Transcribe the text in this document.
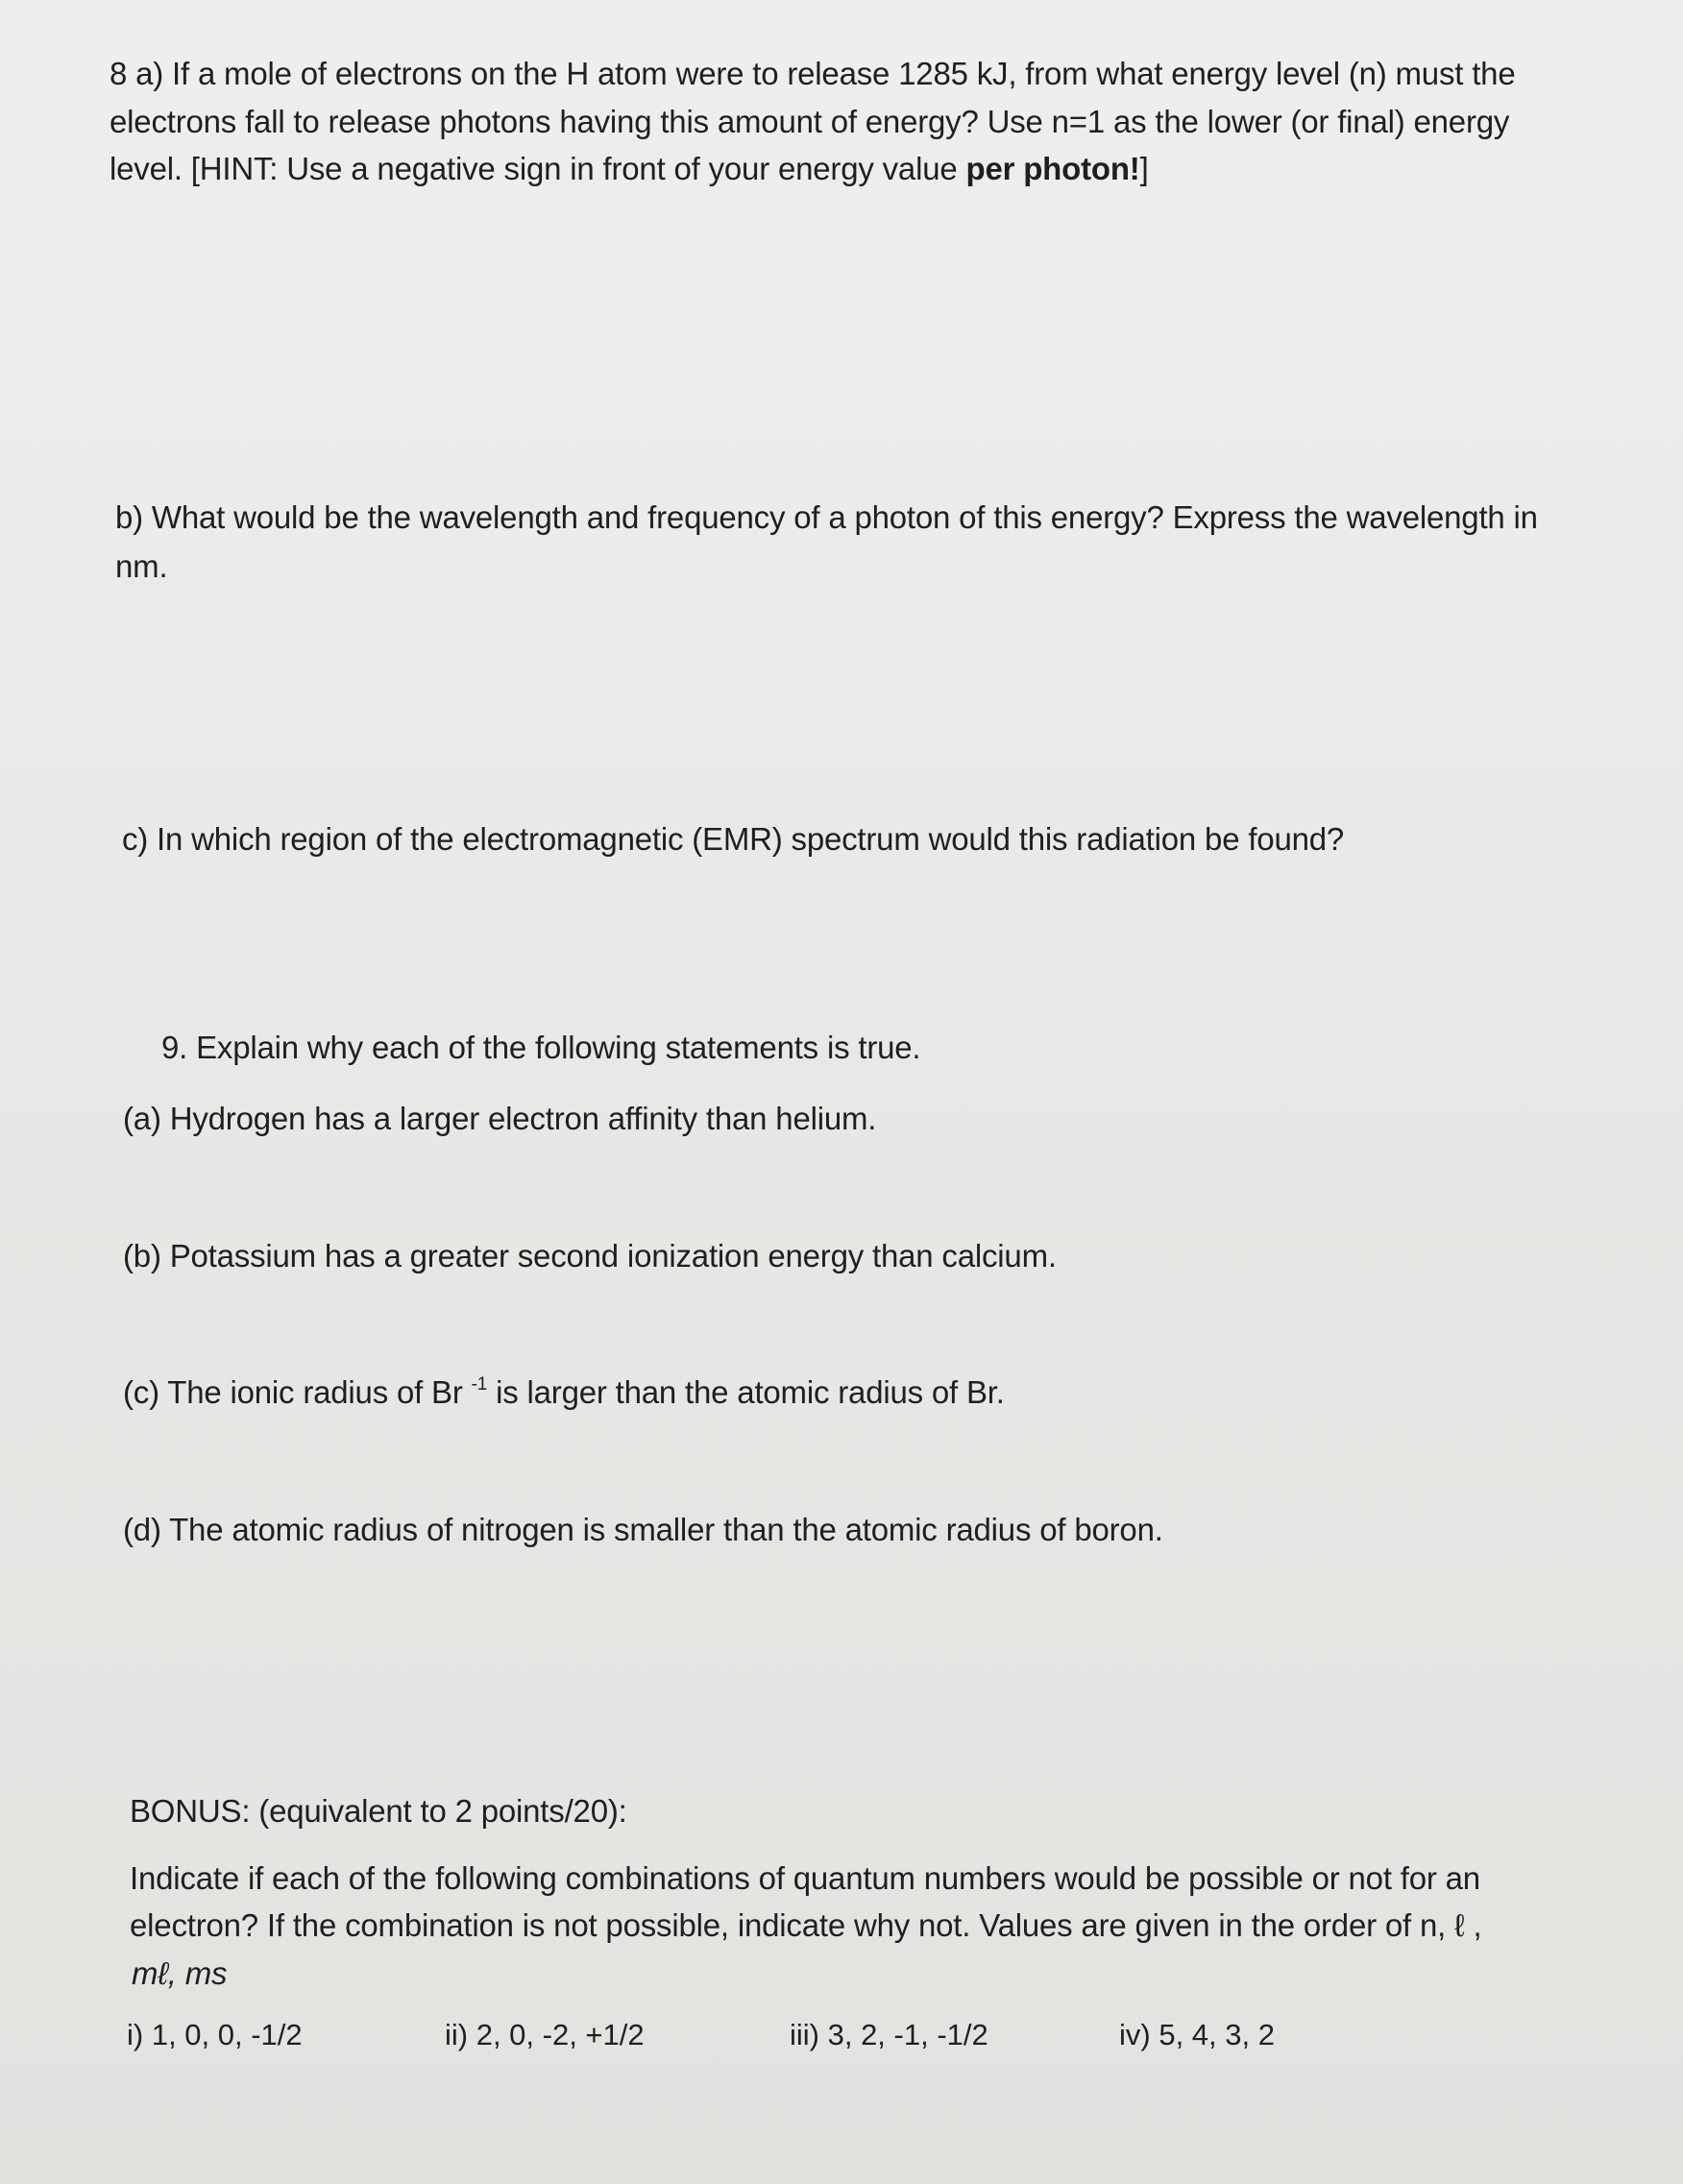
8 a) If a mole of electrons on the H atom were to release 1285 kJ, from what energy level (n) must the

electrons fall to release photons having this amount of energy? Use n=1 as the lower (or final) energy

level. [HINT: Use a negative sign in front of your energy value per photon!]

b) What would be the wavelength and frequency of a photon of this energy? Express the wavelength in

nm.

c) In which region of the electromagnetic (EMR) spectrum would this radiation be found?

9. Explain why each of the following statements is true.

(a) Hydrogen has a larger electron affinity than helium.

(b) Potassium has a greater second ionization energy than calcium.

(c) The ionic radius of Br $^{-1}$ is larger than the atomic radius of Br.

(d) The atomic radius of nitrogen is smaller than the atomic radius of boron.

BONUS: (equivalent to 2 points/20):

Indicate if each of the following combinations of quantum numbers would be possible or not for an

electron? If the combination is not possible, indicate why not. Values are given in the order of n, ℓ ,

mℓ, ms

i) 1, 0, 0, -1/2	ii) 2, 0, -2, +1/2	iii) 3, 2, -1, -1/2	iv) 5, 4, 3, 2
